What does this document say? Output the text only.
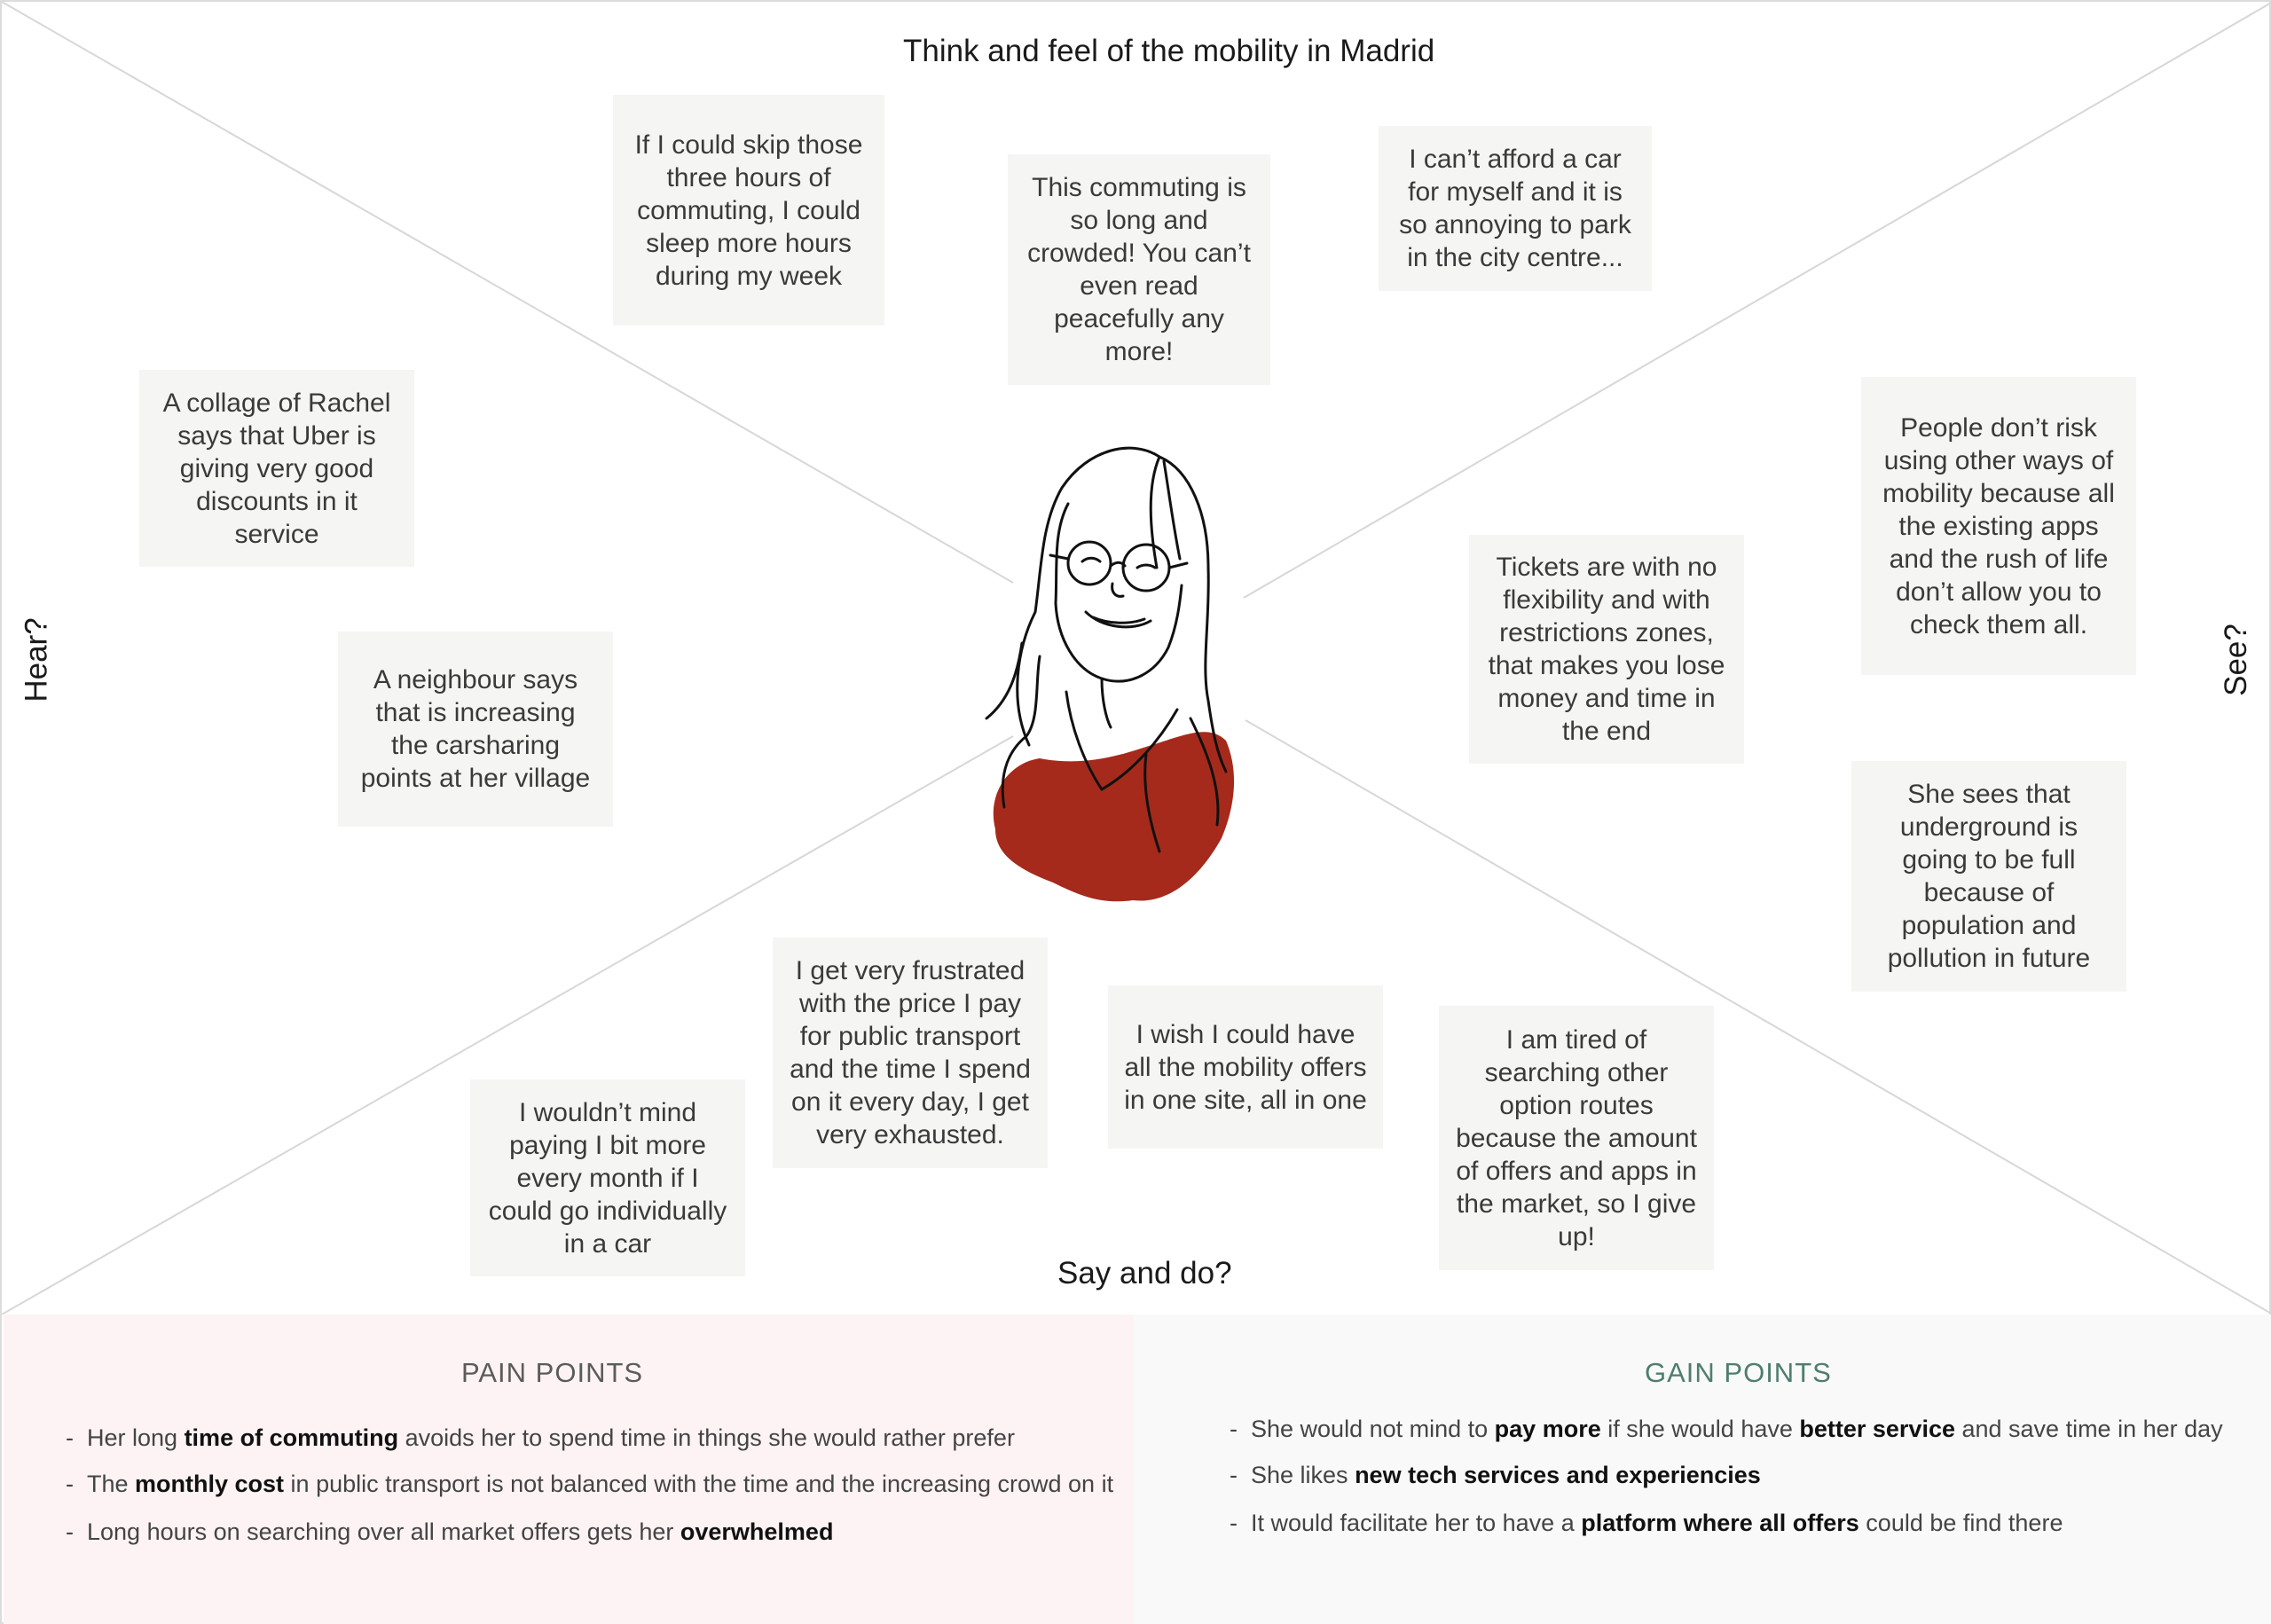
Think and feel of the mobility in Madrid
Say and do?
Hear?	See?
If I could skip those three hours of commuting, I could sleep more hours during my week
This commuting is so long and crowded! You can’t even read peacefully any more!
I can’t afford a car for myself and it is so annoying to park in the city centre...
A collage of Rachel says that Uber is giving very good discounts in it service
A neighbour says that is increasing the carsharing points at her village
People don’t risk using other ways of mobility because all the existing apps and the rush of life don’t allow you to check them all.
Tickets are with no flexibility and with restrictions zones, that makes you lose money and time in the end
She sees that underground is going to be full because of population and pollution in future
I get very frustrated with the price I pay for public transport and the time I spend on it every day, I get very exhausted.
I wouldn’t mind paying I bit more every month if I could go individually in a car
I wish I could have all the mobility offers in one site, all in one
I am tired of searching other option routes because the amount of offers and apps in the market, so I give up!
PAIN POINTS
-  Her long time of commuting avoids her to spend time in things she would rather prefer
-  The monthly cost in public transport is not balanced with the time and the increasing crowd on it
-  Long hours on searching over all market offers gets her overwhelmed
GAIN POINTS
-  She would not mind to pay more if she would have better service and save time in her day
-  She likes new tech services and experiencies
-  It would facilitate her to have a platform where all offers could be find there
